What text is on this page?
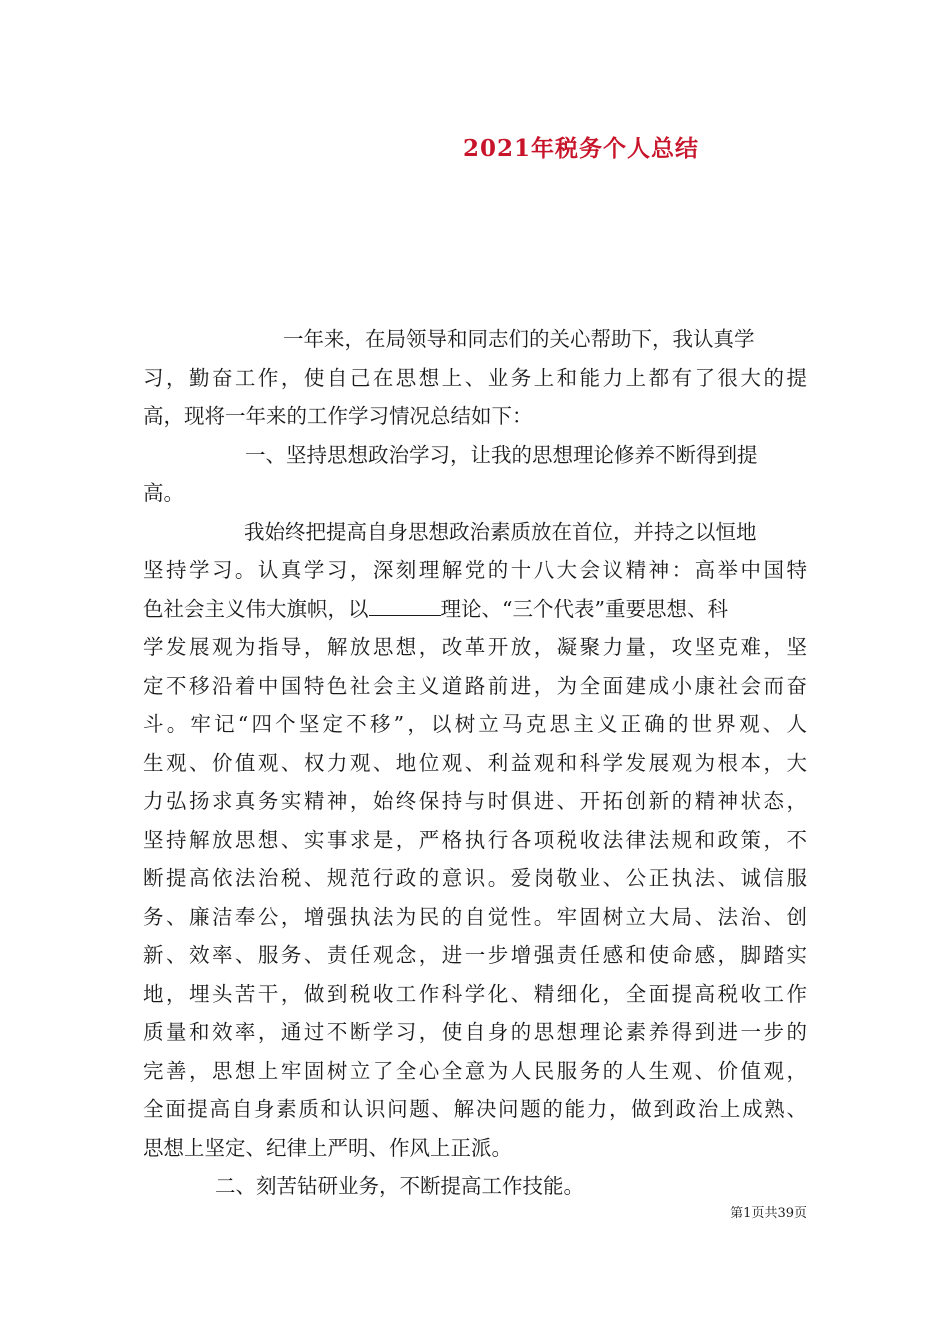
2021年税务个人总结
一年来，在局领导和同志们的关心帮助下，我认真学
习，勤奋工作，使自己在思想上、业务上和能力上都有了很大的提
高，现将一年来的工作学习情况总结如下：
一、坚持思想政治学习，让我的思想理论修养不断得到提
高。
我始终把提高自身思想政治素质放在首位，并持之以恒地
坚持学习。认真学习，深刻理解党的十八大会议精神：高举中国特
色社会主义伟大旗帜，以	理论、“三个代表”重要思想、科
学发展观为指导，解放思想，改革开放，凝聚力量，攻坚克难，坚
定不移沿着中国特色社会主义道路前进，为全面建成小康社会而奋
斗。牢记“四个坚定不移”，以树立马克思主义正确的世界观、人
生观、价值观、权力观、地位观、利益观和科学发展观为根本，大
力弘扬求真务实精神，始终保持与时俱进、开拓创新的精神状态，
坚持解放思想、实事求是，严格执行各项税收法律法规和政策，不
断提高依法治税、规范行政的意识。爱岗敬业、公正执法、诚信服
务、廉洁奉公，增强执法为民的自觉性。牢固树立大局、法治、创
新、效率、服务、责任观念，进一步增强责任感和使命感，脚踏实
地，埋头苦干，做到税收工作科学化、精细化，全面提高税收工作
质量和效率，通过不断学习，使自身的思想理论素养得到进一步的
完善，思想上牢固树立了全心全意为人民服务的人生观、价值观，
全面提高自身素质和认识问题、解决问题的能力，做到政治上成熟、
思想上坚定、纪律上严明、作风上正派。
二、刻苦钻研业务，不断提高工作技能。
第1页共39页
